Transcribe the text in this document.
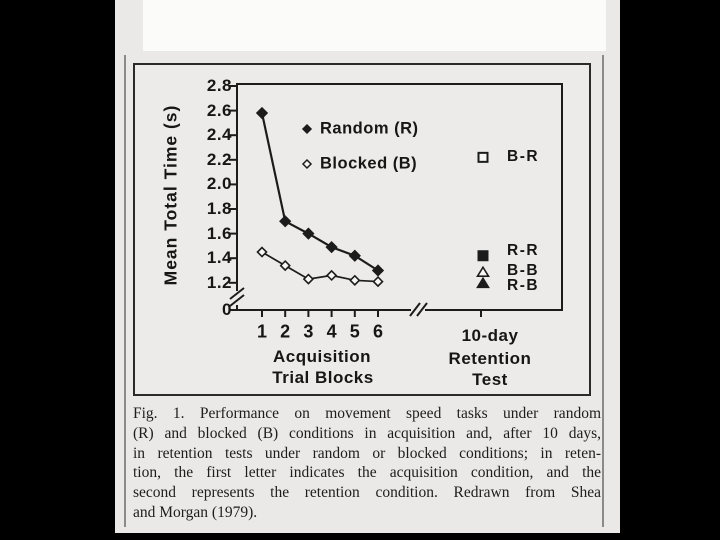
2.8
2.6
2.4
2.2
2.0
1.8
1.6
1.4
1.2
0
1 2 3 4 5 6
B-R
R-R
B-B
R-B
Random (R)
Blocked (B)
Acquisition
Trial Blocks
10-day
Retention
Test
Mean Total Time (s)
Fig. 1. Performance on movement speed tasks under random
(R) and blocked (B) conditions in acquisition and, after 10 days,
in retention tests under random or blocked conditions; in reten-
tion, the first letter indicates the acquisition condition, and the
second represents the retention condition. Redrawn from Shea
and Morgan (1979).
